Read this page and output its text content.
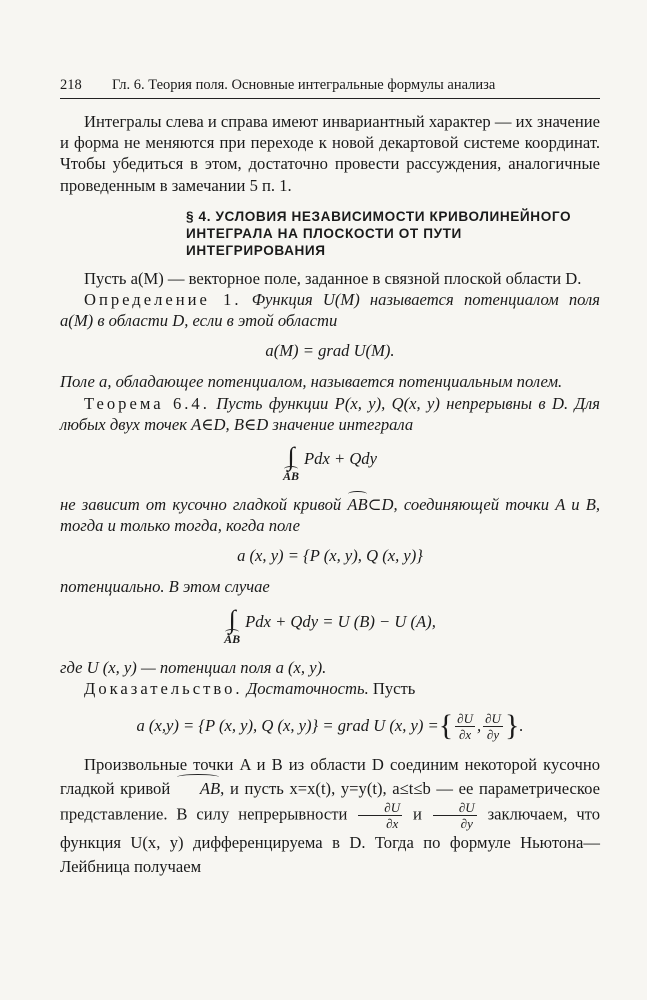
218	Гл. 6. Теория поля. Основные интегральные формулы анализа

Интегралы слева и справа имеют инвариантный характер — их значение и форма не меняются при переходе к новой декартовой системе координат. Чтобы убедиться в этом, достаточно провести рассуждения, аналогичные проведенным в замечании 5 п. 1.

§ 4. УСЛОВИЯ НЕЗАВИСИМОСТИ КРИВОЛИНЕЙНОГО ИНТЕГРАЛА НА ПЛОСКОСТИ ОТ ПУТИ ИНТЕГРИРОВАНИЯ

Пусть a(M) — векторное поле, заданное в связной плоской области D.

Определение 1. Функция U(M) называется потенциалом поля a(M) в области D, если в этой области

a(M) = grad U(M).

Поле a, обладающее потенциалом, называется потенциальным полем.

Теорема 6.4. Пусть функции P(x, y), Q(x, y) непрерывны в D. Для любых двух точек A∈D, B∈D значение интеграла

∫
AB
Pdx + Qdy

не зависит от кусочно гладкой кривой AB⊂D, соединяющей точки A и B, тогда и только тогда, когда поле

a (x, y) = {P (x, y), Q (x, y)}

потенциально. В этом случае

∫
AB
Pdx + Qdy = U (B) − U (A),

где U (x, y) — потенциал поля a (x, y).

Доказательство. Достаточность. Пусть

a (x,y) = {P (x, y), Q (x, y)} = grad U (x, y) = { $\frac{\partial U}{\partial x}$ , $\frac{\partial U}{\partial y}$ } .

Произвольные точки A и B из области D соединим некоторой кусочно гладкой кривой AB, и пусть x=x(t), y=y(t), a≤t≤b — ее параметрическое представление. В силу непрерывности $\frac{\partial U}{\partial x}$ и $\frac{\partial U}{\partial y}$ заключаем, что функция U(x, y) дифференцируема в D. Тогда по формуле Ньютона—Лейбница получаем
